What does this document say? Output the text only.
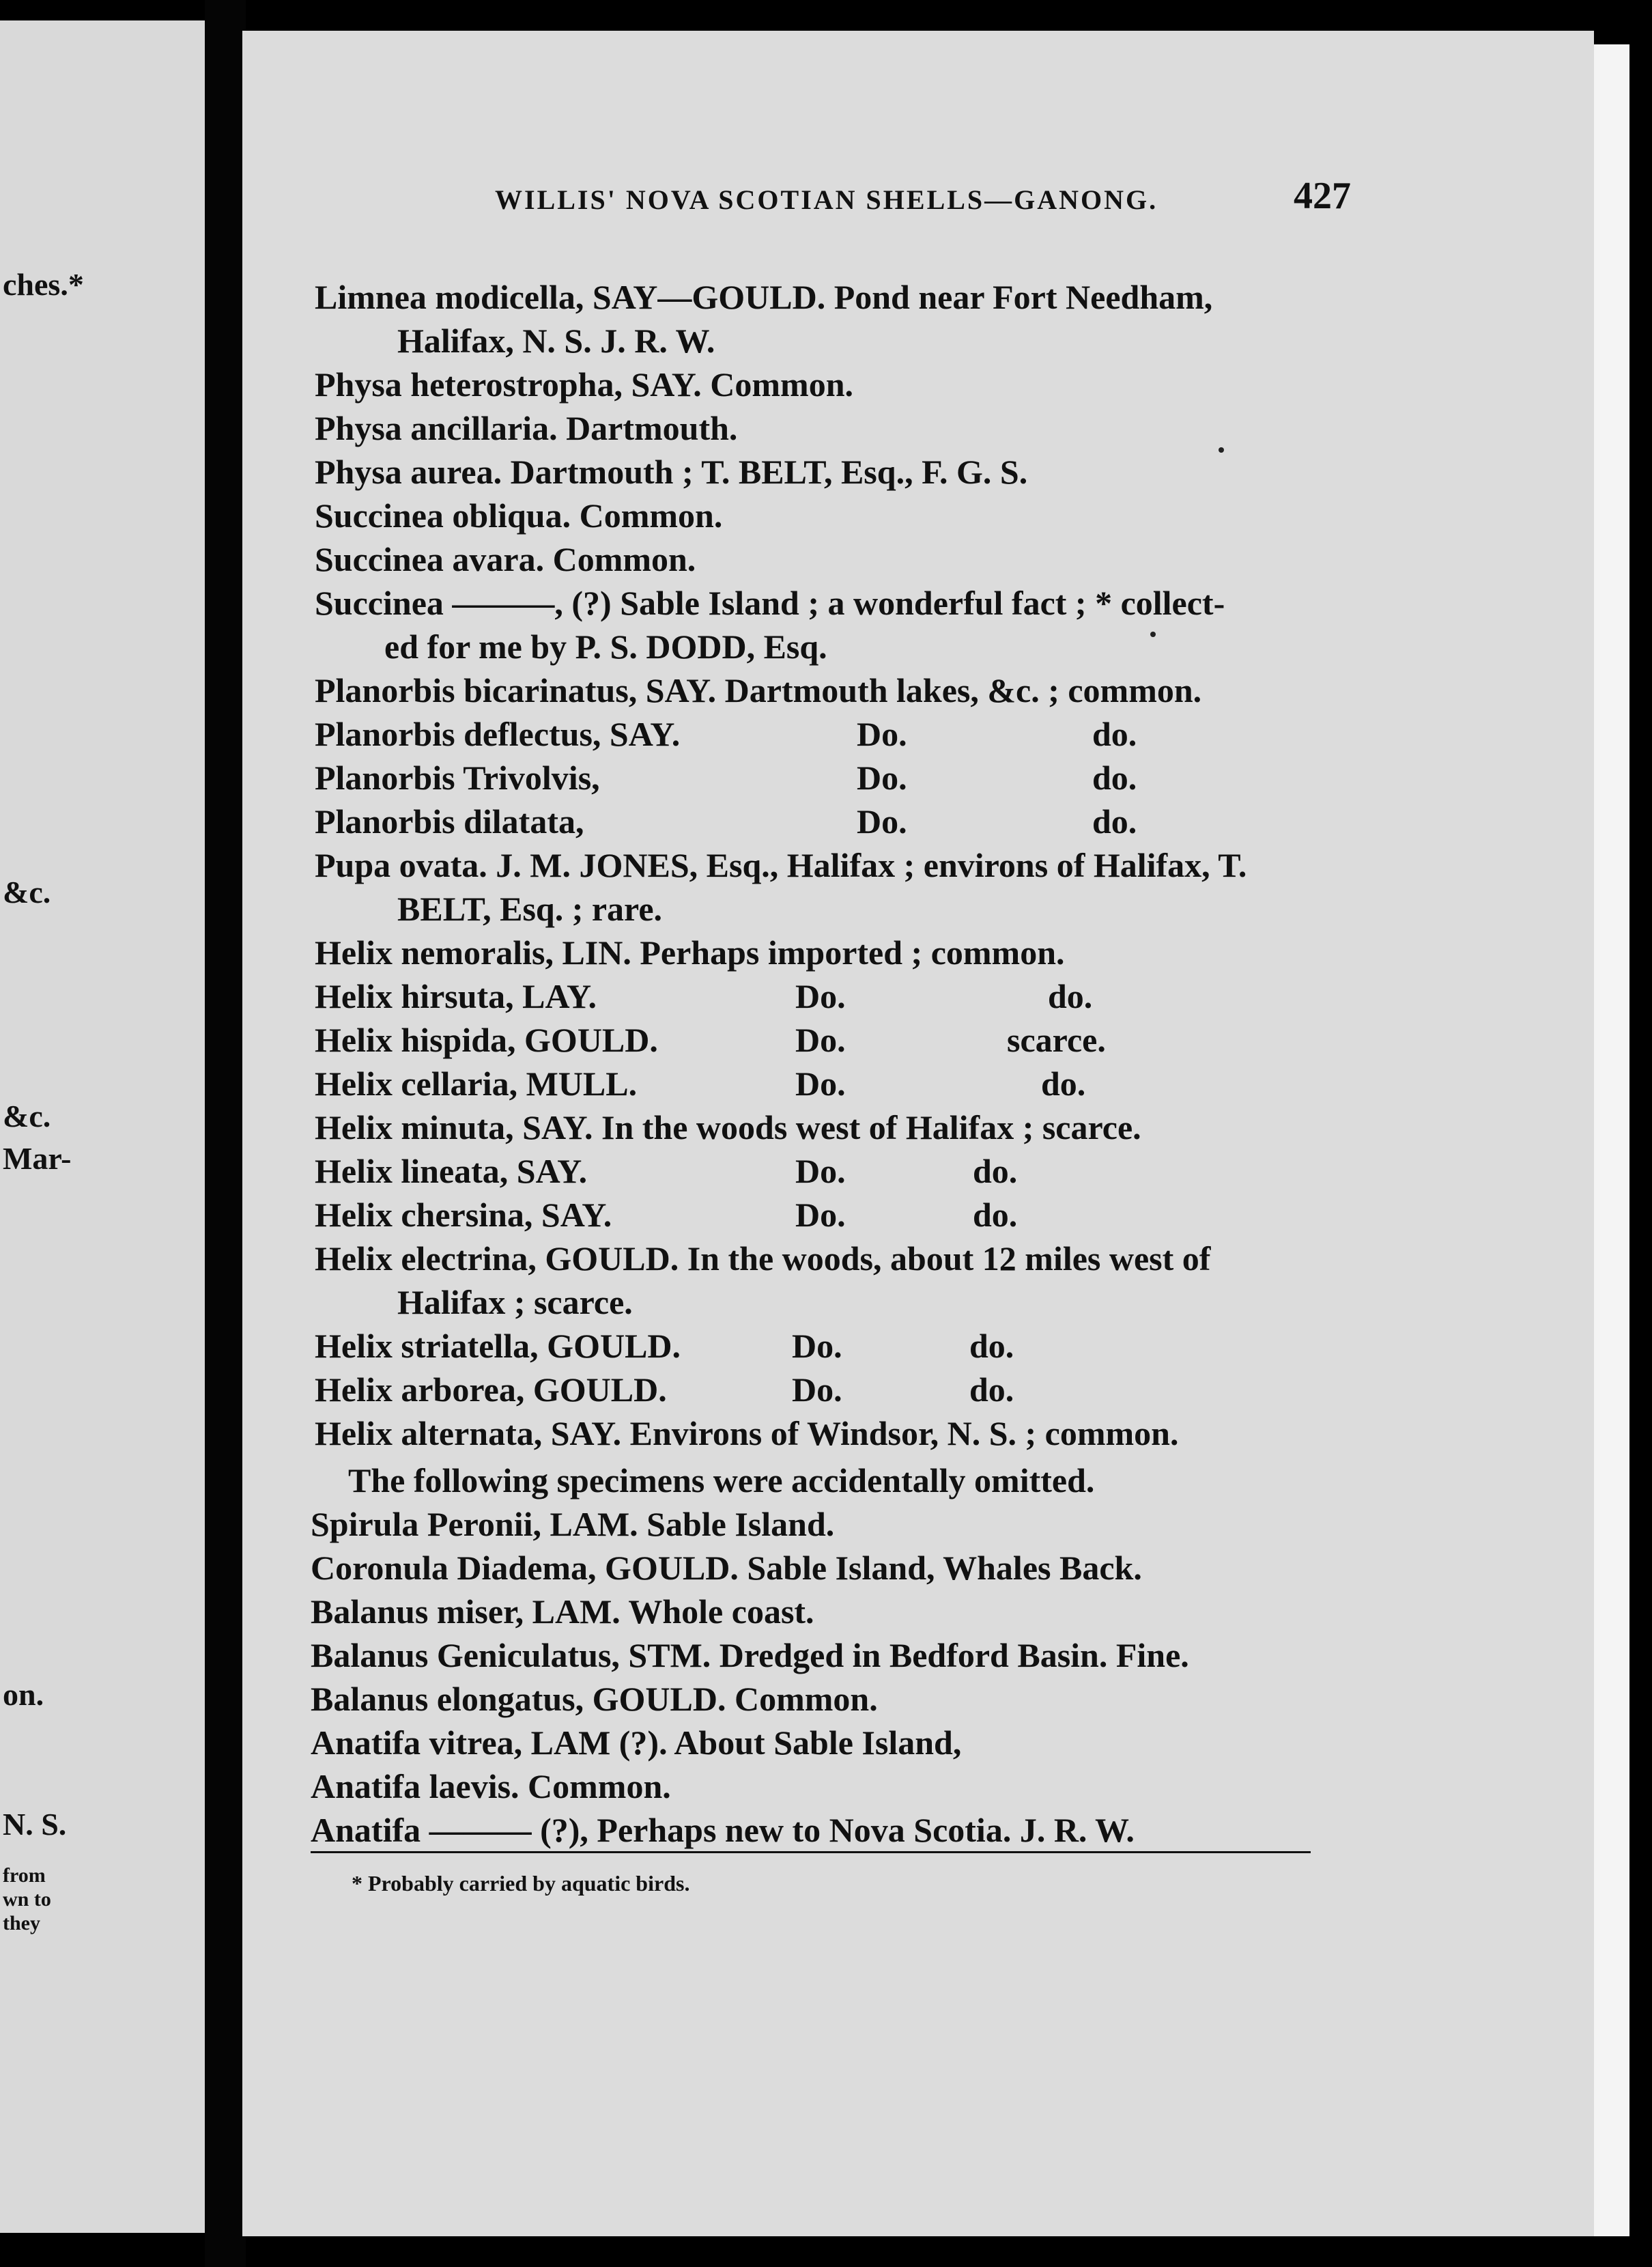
ches.*
&c.
&c.
Mar-
on.
N. S.
from
wn to
they
WILLIS' NOVA SCOTIAN SHELLS—GANONG.	427
Limnea modicella, SAY—GOULD. Pond near Fort Needham,
Halifax, N. S. J. R. W.
Physa heterostropha, SAY. Common.
Physa ancillaria. Dartmouth.
Physa aurea. Dartmouth ; T. BELT, Esq., F. G. S.
Succinea obliqua. Common.
Succinea avara. Common.
Succinea ———, (?) Sable Island ; a wonderful fact ; * collect-
ed for me by P. S. DODD, Esq.
Planorbis bicarinatus, SAY. Dartmouth lakes, &c. ; common.
Planorbis deflectus, SAY.	Do.	do.
Planorbis Trivolvis,	Do.	do.
Planorbis dilatata,	Do.	do.
Pupa ovata. J. M. JONES, Esq., Halifax ; environs of Halifax, T.
BELT, Esq. ; rare.
Helix nemoralis, LIN. Perhaps imported ; common.
Helix hirsuta, LAY.	Do.	do.
Helix hispida, GOULD.	Do.	scarce.
Helix cellaria, MULL.	Do.	do.
Helix minuta, SAY. In the woods west of Halifax ; scarce.
Helix lineata, SAY.	Do.	do.
Helix chersina, SAY.	Do.	do.
Helix electrina, GOULD. In the woods, about 12 miles west of
Halifax ; scarce.
Helix striatella, GOULD.	Do.	do.
Helix arborea, GOULD.	Do.	do.
Helix alternata, SAY. Environs of Windsor, N. S. ; common.
The following specimens were accidentally omitted.
Spirula Peronii, LAM. Sable Island.
Coronula Diadema, GOULD. Sable Island, Whales Back.
Balanus miser, LAM. Whole coast.
Balanus Geniculatus, STM. Dredged in Bedford Basin. Fine.
Balanus elongatus, GOULD. Common.
Anatifa vitrea, LAM (?). About Sable Island,
Anatifa laevis. Common.
Anatifa ——— (?), Perhaps new to Nova Scotia. J. R. W.
* Probably carried by aquatic birds.
